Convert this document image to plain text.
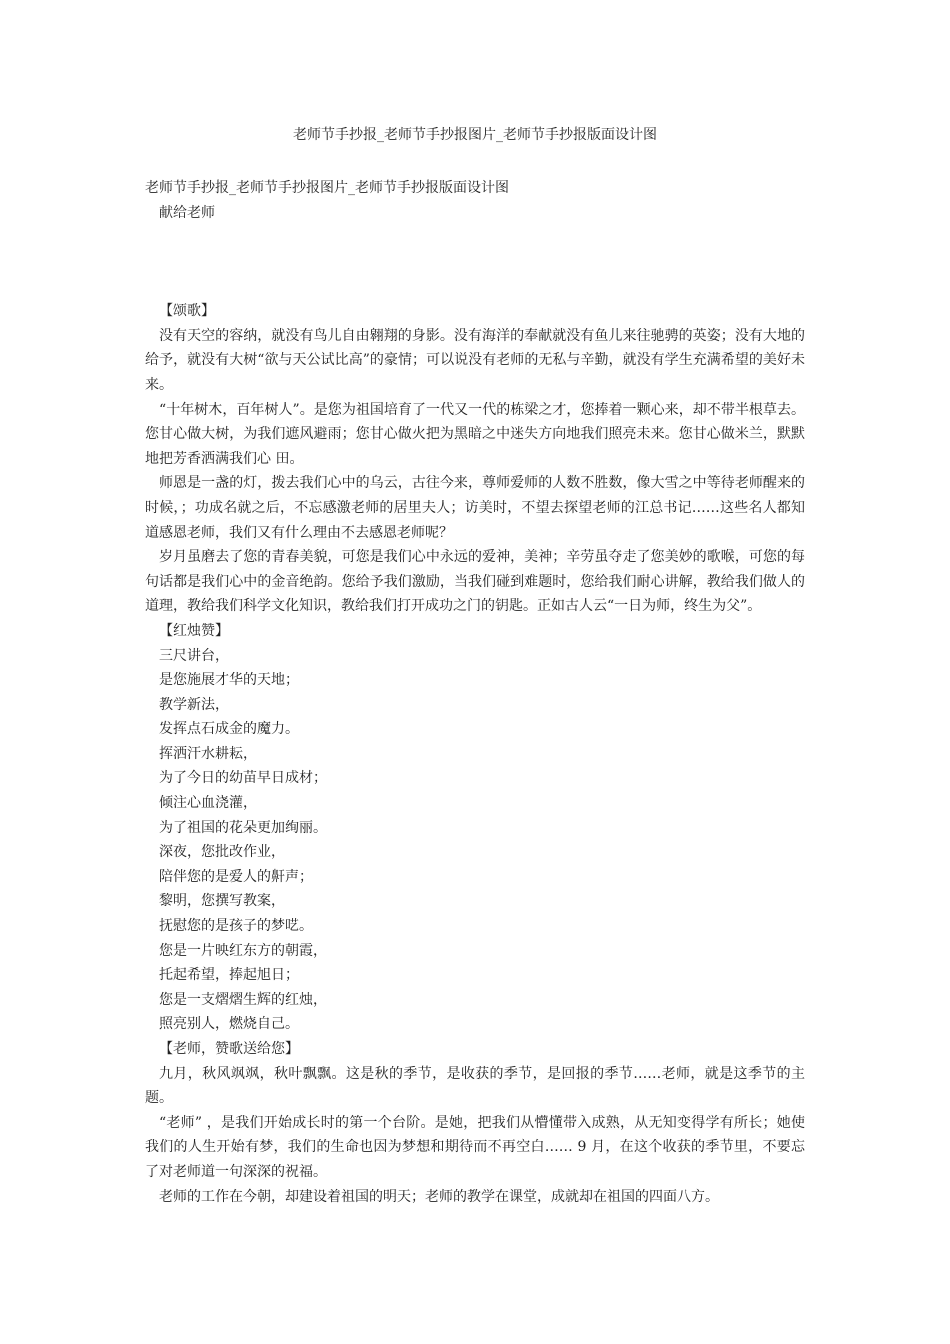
老师节手抄报_老师节手抄报图片_老师节手抄报版面设计图

老师节手抄报_老师节手抄报图片_老师节手抄报版面设计图

献给老师

【颂歌】

没有天空的容纳，就没有鸟儿自由翱翔的身影。没有海洋的奉献就没有鱼儿来往驰骋的英姿；没有大地的给予，就没有大树“欲与天公试比高”的豪情；可以说没有老师的无私与辛勤，就没有学生充满希望的美好未来。

“十年树木，百年树人”。是您为祖国培育了一代又一代的栋梁之才，您捧着一颗心来，却不带半根草去。您甘心做大树，为我们遮风避雨；您甘心做火把为黑暗之中迷失方向地我们照亮未来。您甘心做米兰，默默地把芳香洒满我们心 田。

师恩是一盏的灯，拨去我们心中的乌云，古往今来，尊师爱师的人数不胜数，像大雪之中等待老师醒来的时候，；功成名就之后，不忘感激老师的居里夫人；访美时，不望去探望老师的江总书记……这些名人都知道感恩老师，我们又有什么理由不去感恩老师呢？

岁月虽磨去了您的青春美貌，可您是我们心中永远的爱神，美神；辛劳虽夺走了您美妙的歌喉，可您的每句话都是我们心中的金音绝韵。您给予我们激励，当我们碰到难题时，您给我们耐心讲解，教给我们做人的道理，教给我们科学文化知识，教给我们打开成功之门的钥匙。正如古人云“一日为师，终生为父”。

【红烛赞】

三尺讲台，

是您施展才华的天地；

教学新法，

发挥点石成金的魔力。

挥洒汗水耕耘，

为了今日的幼苗早日成材；

倾注心血浇灌，

为了祖国的花朵更加绚丽。

深夜，您批改作业，

陪伴您的是爱人的鼾声；

黎明，您撰写教案，

抚慰您的是孩子的梦呓。

您是一片映红东方的朝霞，

托起希望，捧起旭日；

您是一支熠熠生辉的红烛，

照亮别人，燃烧自己。

【老师，赞歌送给您】

九月，秋风飒飒，秋叶飘飘。这是秋的季节，是收获的季节，是回报的季节……老师，就是这季节的主题。

“老师” ，是我们开始成长时的第一个台阶。是她，把我们从懵懂带入成熟，从无知变得学有所长；她使我们的人生开始有梦，我们的生命也因为梦想和期待而不再空白…… 9 月，在这个收获的季节里，不要忘了对老师道一句深深的祝福。

老师的工作在今朝，却建设着祖国的明天；老师的教学在课堂，成就却在祖国的四面八方。
